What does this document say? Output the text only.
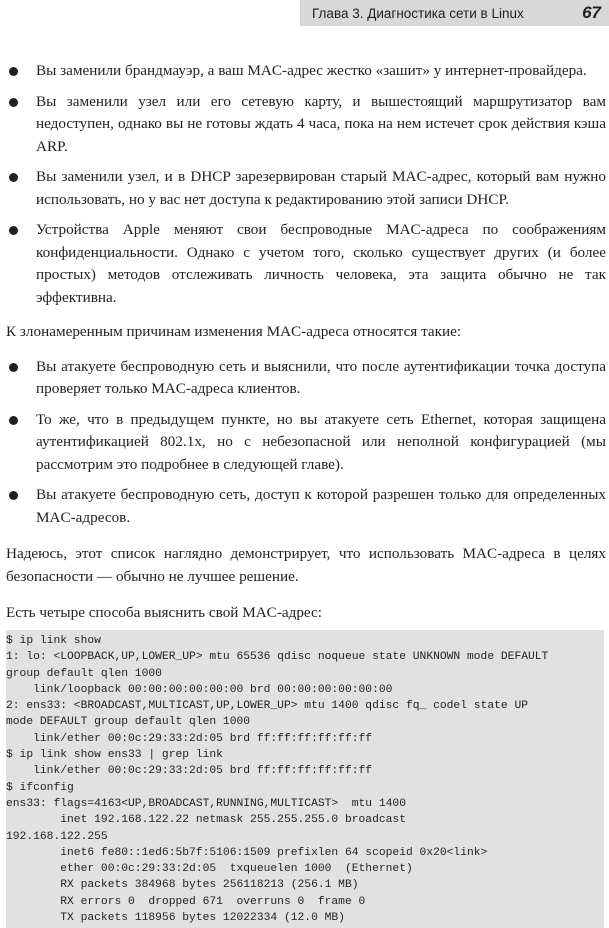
Глава 3. Диагностика сети в Linux	67
Вы заменили брандмауэр, а ваш MAC-адрес жестко «зашит» у интернет-провайдера.
Вы заменили узел или его сетевую карту, и вышестоящий маршрутизатор вам недоступен, однако вы не готовы ждать 4 часа, пока на нем истечет срок действия кэша ARP.
Вы заменили узел, и в DHCP зарезервирован старый MAC-адрес, который вам нужно использовать, но у вас нет доступа к редактированию этой записи DHCP.
Устройства Apple меняют свои беспроводные MAC-адреса по соображениям конфиденциальности. Однако с учетом того, сколько существует других (и более простых) методов отслеживать личность человека, эта защита обычно не так эффективна.

К злонамеренным причинам изменения MAC-адреса относятся такие:

Вы атакуете беспроводную сеть и выяснили, что после аутентификации точка доступа проверяет только MAC-адреса клиентов.
То же, что в предыдущем пункте, но вы атакуете сеть Ethernet, которая защищена аутентификацией 802.1x, но с небезопасной или неполной конфигурацией (мы рассмотрим это подробнее в следующей главе).
Вы атакуете беспроводную сеть, доступ к которой разрешен только для определенных MAC-адресов.

Надеюсь, этот список наглядно демонстрирует, что использовать MAC-адреса в целях безопасности — обычно не лучшее решение.

Есть четыре способа выяснить свой MAC-адрес:

$ ip link show
1: lo: <LOOPBACK,UP,LOWER_UP> mtu 65536 qdisc noqueue state UNKNOWN mode DEFAULT
group default qlen 1000
link/loopback 00:00:00:00:00:00 brd 00:00:00:00:00:00
2: ens33: <BROADCAST,MULTICAST,UP,LOWER_UP> mtu 1400 qdisc fq_ codel state UP
mode DEFAULT group default qlen 1000
link/ether 00:0c:29:33:2d:05 brd ff:ff:ff:ff:ff:ff
$ ip link show ens33 | grep link
link/ether 00:0c:29:33:2d:05 brd ff:ff:ff:ff:ff:ff
$ ifconfig
ens33: flags=4163<UP,BROADCAST,RUNNING,MULTICAST>  mtu 1400
inet 192.168.122.22 netmask 255.255.255.0 broadcast
192.168.122.255
inet6 fe80::1ed6:5b7f:5106:1509 prefixlen 64 scopeid 0x20<link>
ether 00:0c:29:33:2d:05  txqueuelen 1000  (Ethernet)
RX packets 384968 bytes 256118213 (256.1 MB)
RX errors 0  dropped 671  overruns 0  frame 0
TX packets 118956 bytes 12022334 (12.0 MB)
